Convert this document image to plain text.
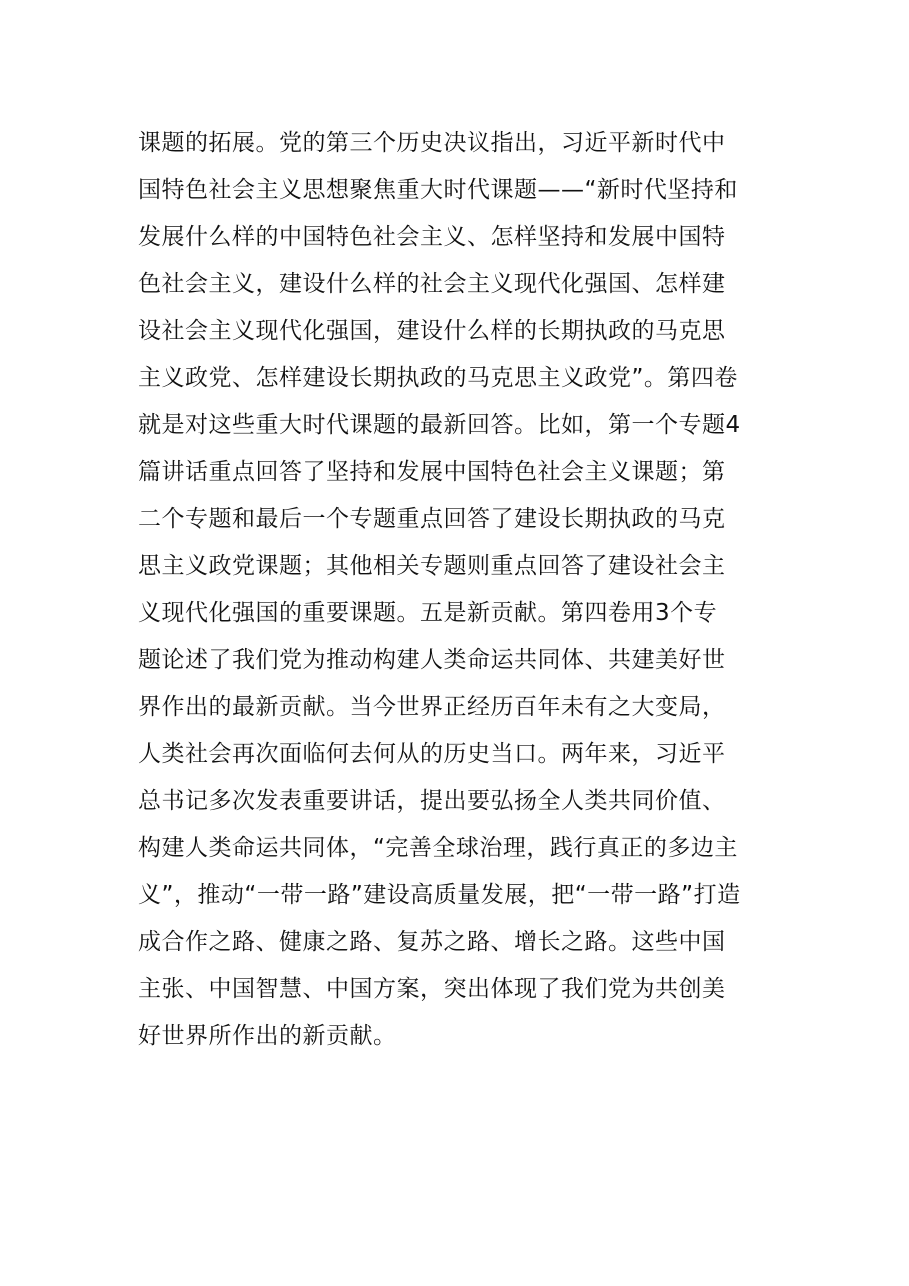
课题的拓展。党的第三个历史决议指出，习近平新时代中
国特色社会主义思想聚焦重大时代课题——“新时代坚持和
发展什么样的中国特色社会主义、怎样坚持和发展中国特
色社会主义，建设什么样的社会主义现代化强国、怎样建
设社会主义现代化强国，建设什么样的长期执政的马克思
主义政党、怎样建设长期执政的马克思主义政党”。第四卷
就是对这些重大时代课题的最新回答。比如，第一个专题4
篇讲话重点回答了坚持和发展中国特色社会主义课题；第
二个专题和最后一个专题重点回答了建设长期执政的马克
思主义政党课题；其他相关专题则重点回答了建设社会主
义现代化强国的重要课题。五是新贡献。第四卷用3个专
题论述了我们党为推动构建人类命运共同体、共建美好世
界作出的最新贡献。当今世界正经历百年未有之大变局，
人类社会再次面临何去何从的历史当口。两年来，习近平
总书记多次发表重要讲话，提出要弘扬全人类共同价值、
构建人类命运共同体，“完善全球治理，践行真正的多边主
义”，推动“一带一路”建设高质量发展，把“一带一路”打造
成合作之路、健康之路、复苏之路、增长之路。这些中国
主张、中国智慧、中国方案，突出体现了我们党为共创美
好世界所作出的新贡献。
